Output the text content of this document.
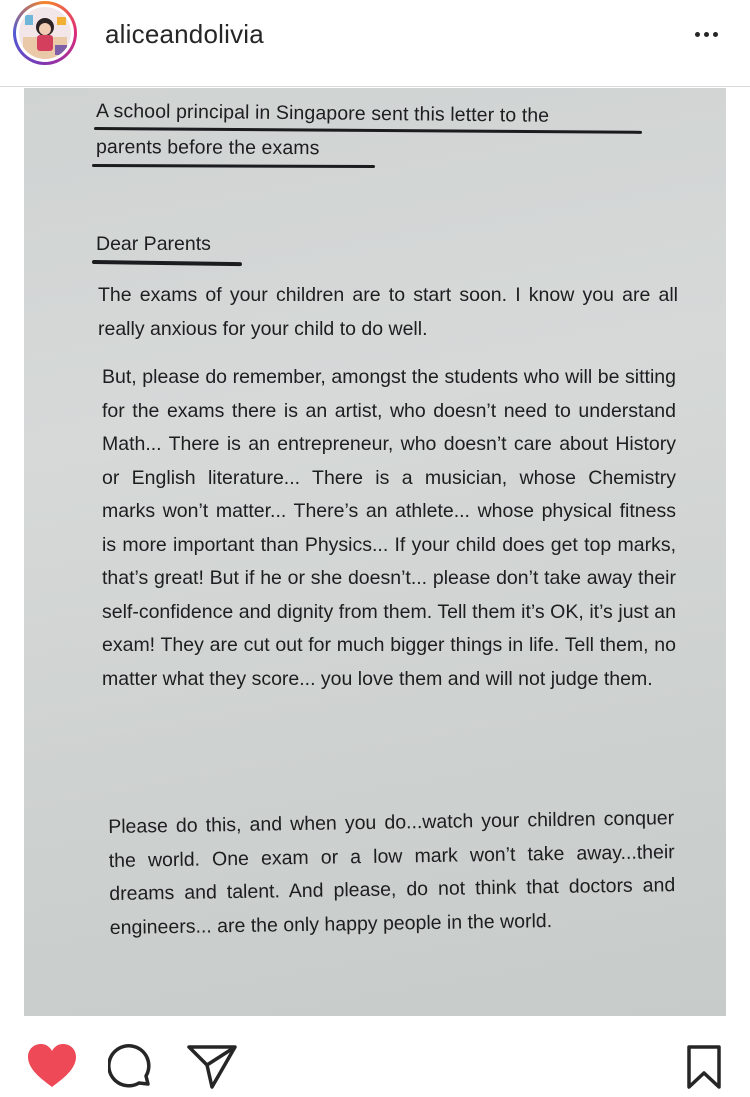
aliceandolivia
A school principal in Singapore sent this letter to the
parents before the exams
Dear Parents
The exams of your children are to start soon. I know you are all really anxious for your child to do well.
But, please do remember, amongst the students who will be sitting for the exams there is an artist, who doesn’t need to understand Math... There is an entrepreneur, who doesn’t care about History or English literature... There is a musician, whose Chemistry marks won’t matter... There’s an athlete... whose physical fitness is more important than Physics... If your child does get top marks, that’s great! But if he or she doesn’t... please don’t take away their self-confidence and dignity from them. Tell them it’s OK, it’s just an exam! They are cut out for much bigger things in life. Tell them, no matter what they score... you love them and will not judge them.
Please do this, and when you do...watch your children conquer the world. One exam or a low mark won’t take away...their dreams and talent. And please, do not think that doctors and engineers... are the only happy people in the world.
